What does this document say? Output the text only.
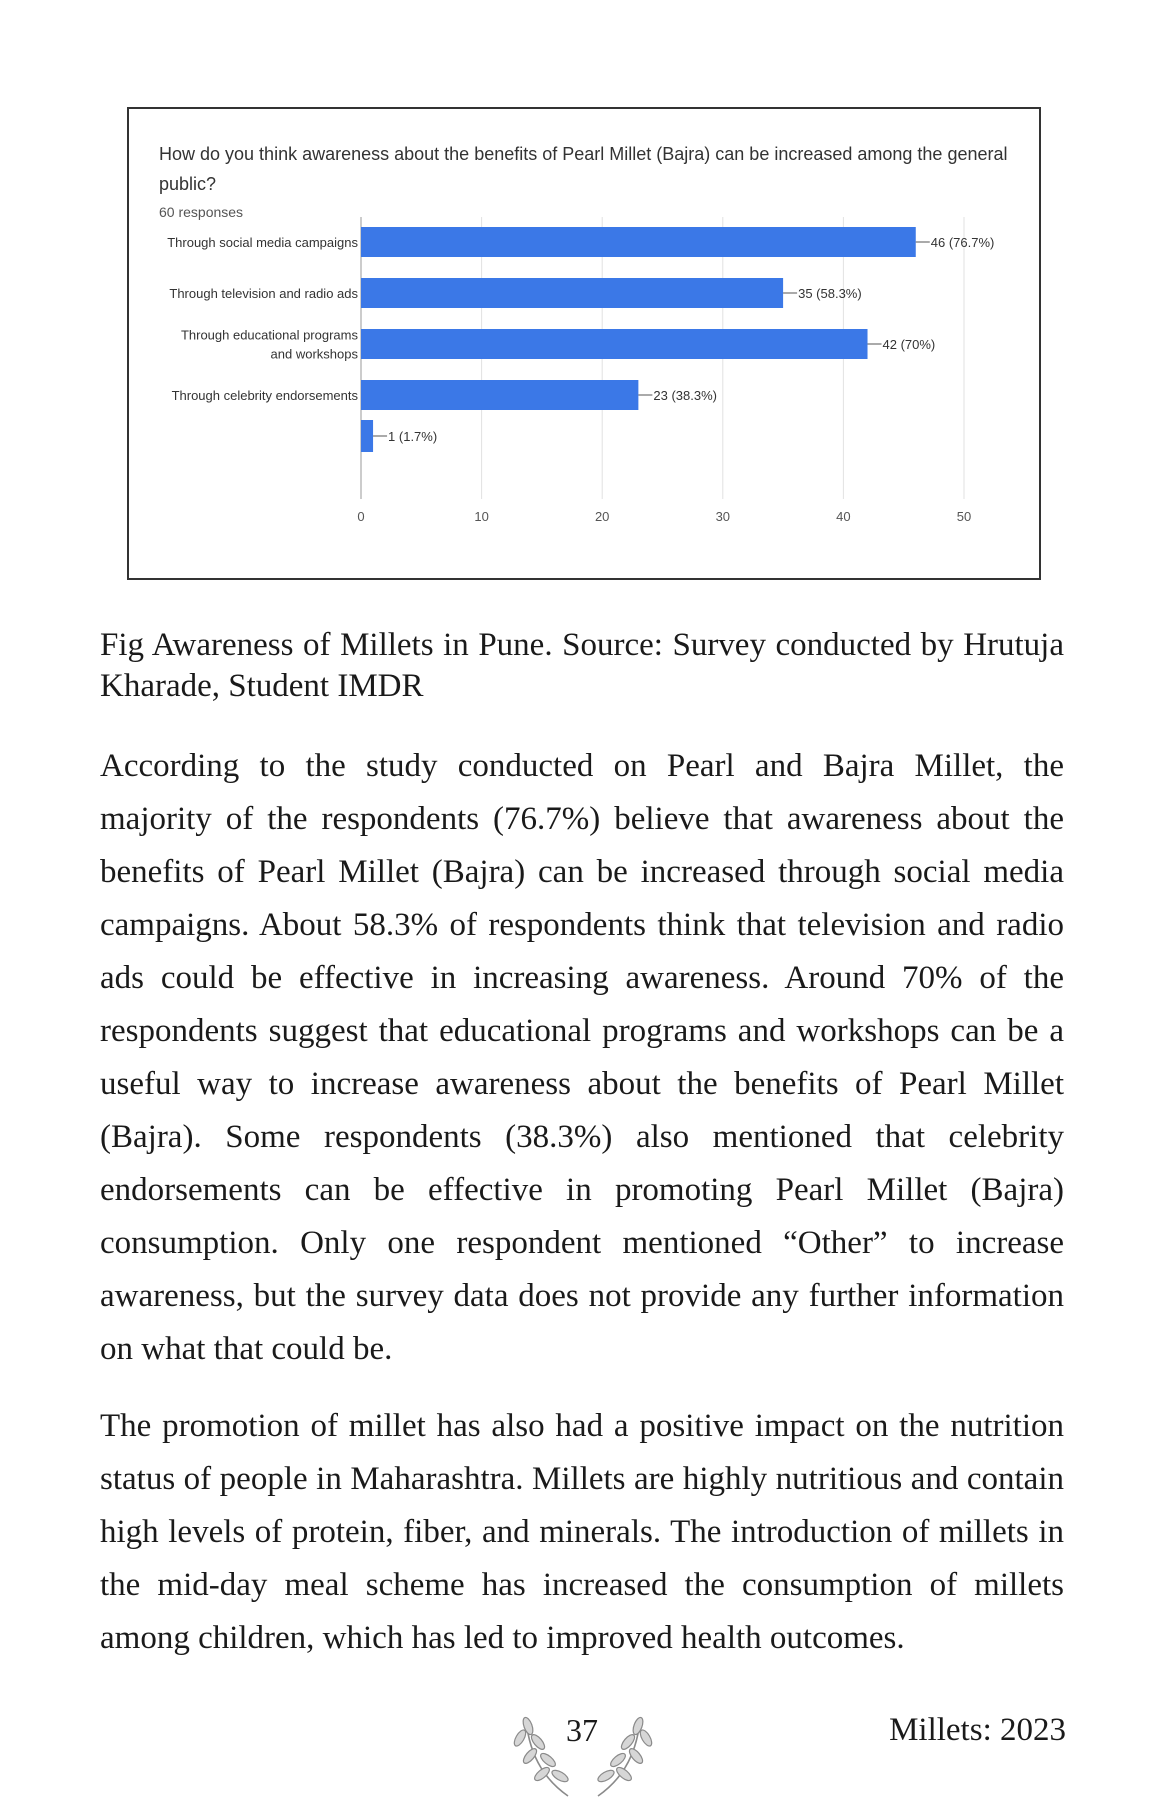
How do you think awareness about the benefits of Pearl Millet (Bajra) can be increased among the general public?
60 responses
0	10	20	30	40	50
46 (76.7%)
Through social media campaigns
35 (58.3%)
Through television and radio ads
42 (70%)
Through educational programs
and workshops
23 (38.3%)
Through celebrity endorsements
1 (1.7%)
Fig Awareness of Millets in Pune. Source: Survey conducted by Hrutuja Kharade, Student IMDR

According to the study conducted on Pearl and Bajra Millet, the majority of the respondents (76.7%) believe that awareness about the benefits of Pearl Millet (Bajra) can be increased through social media campaigns. About 58.3% of respondents think that television and radio ads could be effective in increasing awareness. Around 70% of the respondents suggest that educational programs and workshops can be a useful way to increase awareness about the benefits of Pearl Millet (Bajra). Some respondents (38.3%) also mentioned that celebrity endorsements can be effective in promoting Pearl Millet (Bajra) consumption. Only one respondent mentioned “Other” to increase awareness, but the survey data does not provide any further information on what that could be.

The promotion of millet has also had a positive impact on the nutrition status of people in Maharashtra. Millets are highly nutritious and contain high levels of protein, fiber, and minerals. The introduction of millets in the mid-day meal scheme has increased the consumption of millets among children, which has led to improved health outcomes.

37	Millets: 2023
